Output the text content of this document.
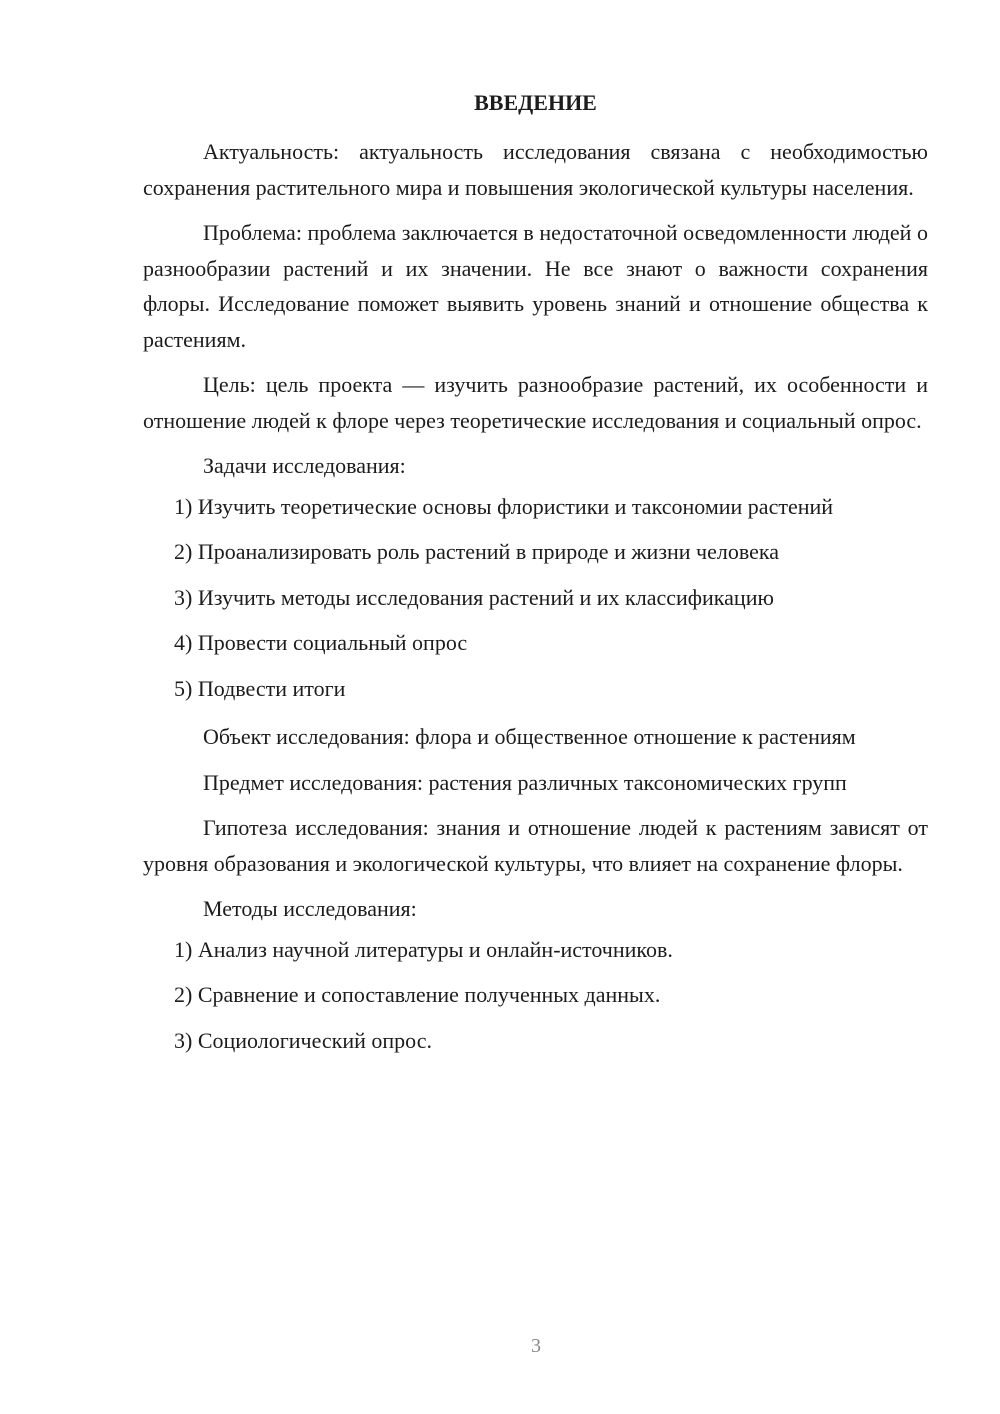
ВВЕДЕНИЕ

Актуальность: актуальность исследования связана с необходимостью сохранения растительного мира и повышения экологической культуры населения.

Проблема: проблема заключается в недостаточной осведомленности людей о разнообразии растений и их значении. Не все знают о важности сохранения флоры. Исследование поможет выявить уровень знаний и отношение общества к растениям.

Цель: цель проекта — изучить разнообразие растений, их особенности и отношение людей к флоре через теоретические исследования и социальный опрос.

Задачи исследования:

1) Изучить теоретические основы флористики и таксономии растений
2) Проанализировать роль растений в природе и жизни человека
3) Изучить методы исследования растений и их классификацию
4) Провести социальный опрос
5) Подвести итоги

Объект исследования: флора и общественное отношение к растениям

Предмет исследования: растения различных таксономических групп

Гипотеза исследования: знания и отношение людей к растениям зависят от уровня образования и экологической культуры, что влияет на сохранение флоры.

Методы исследования:

1) Анализ научной литературы и онлайн-источников.
2) Сравнение и сопоставление полученных данных.
3) Социологический опрос.
3
